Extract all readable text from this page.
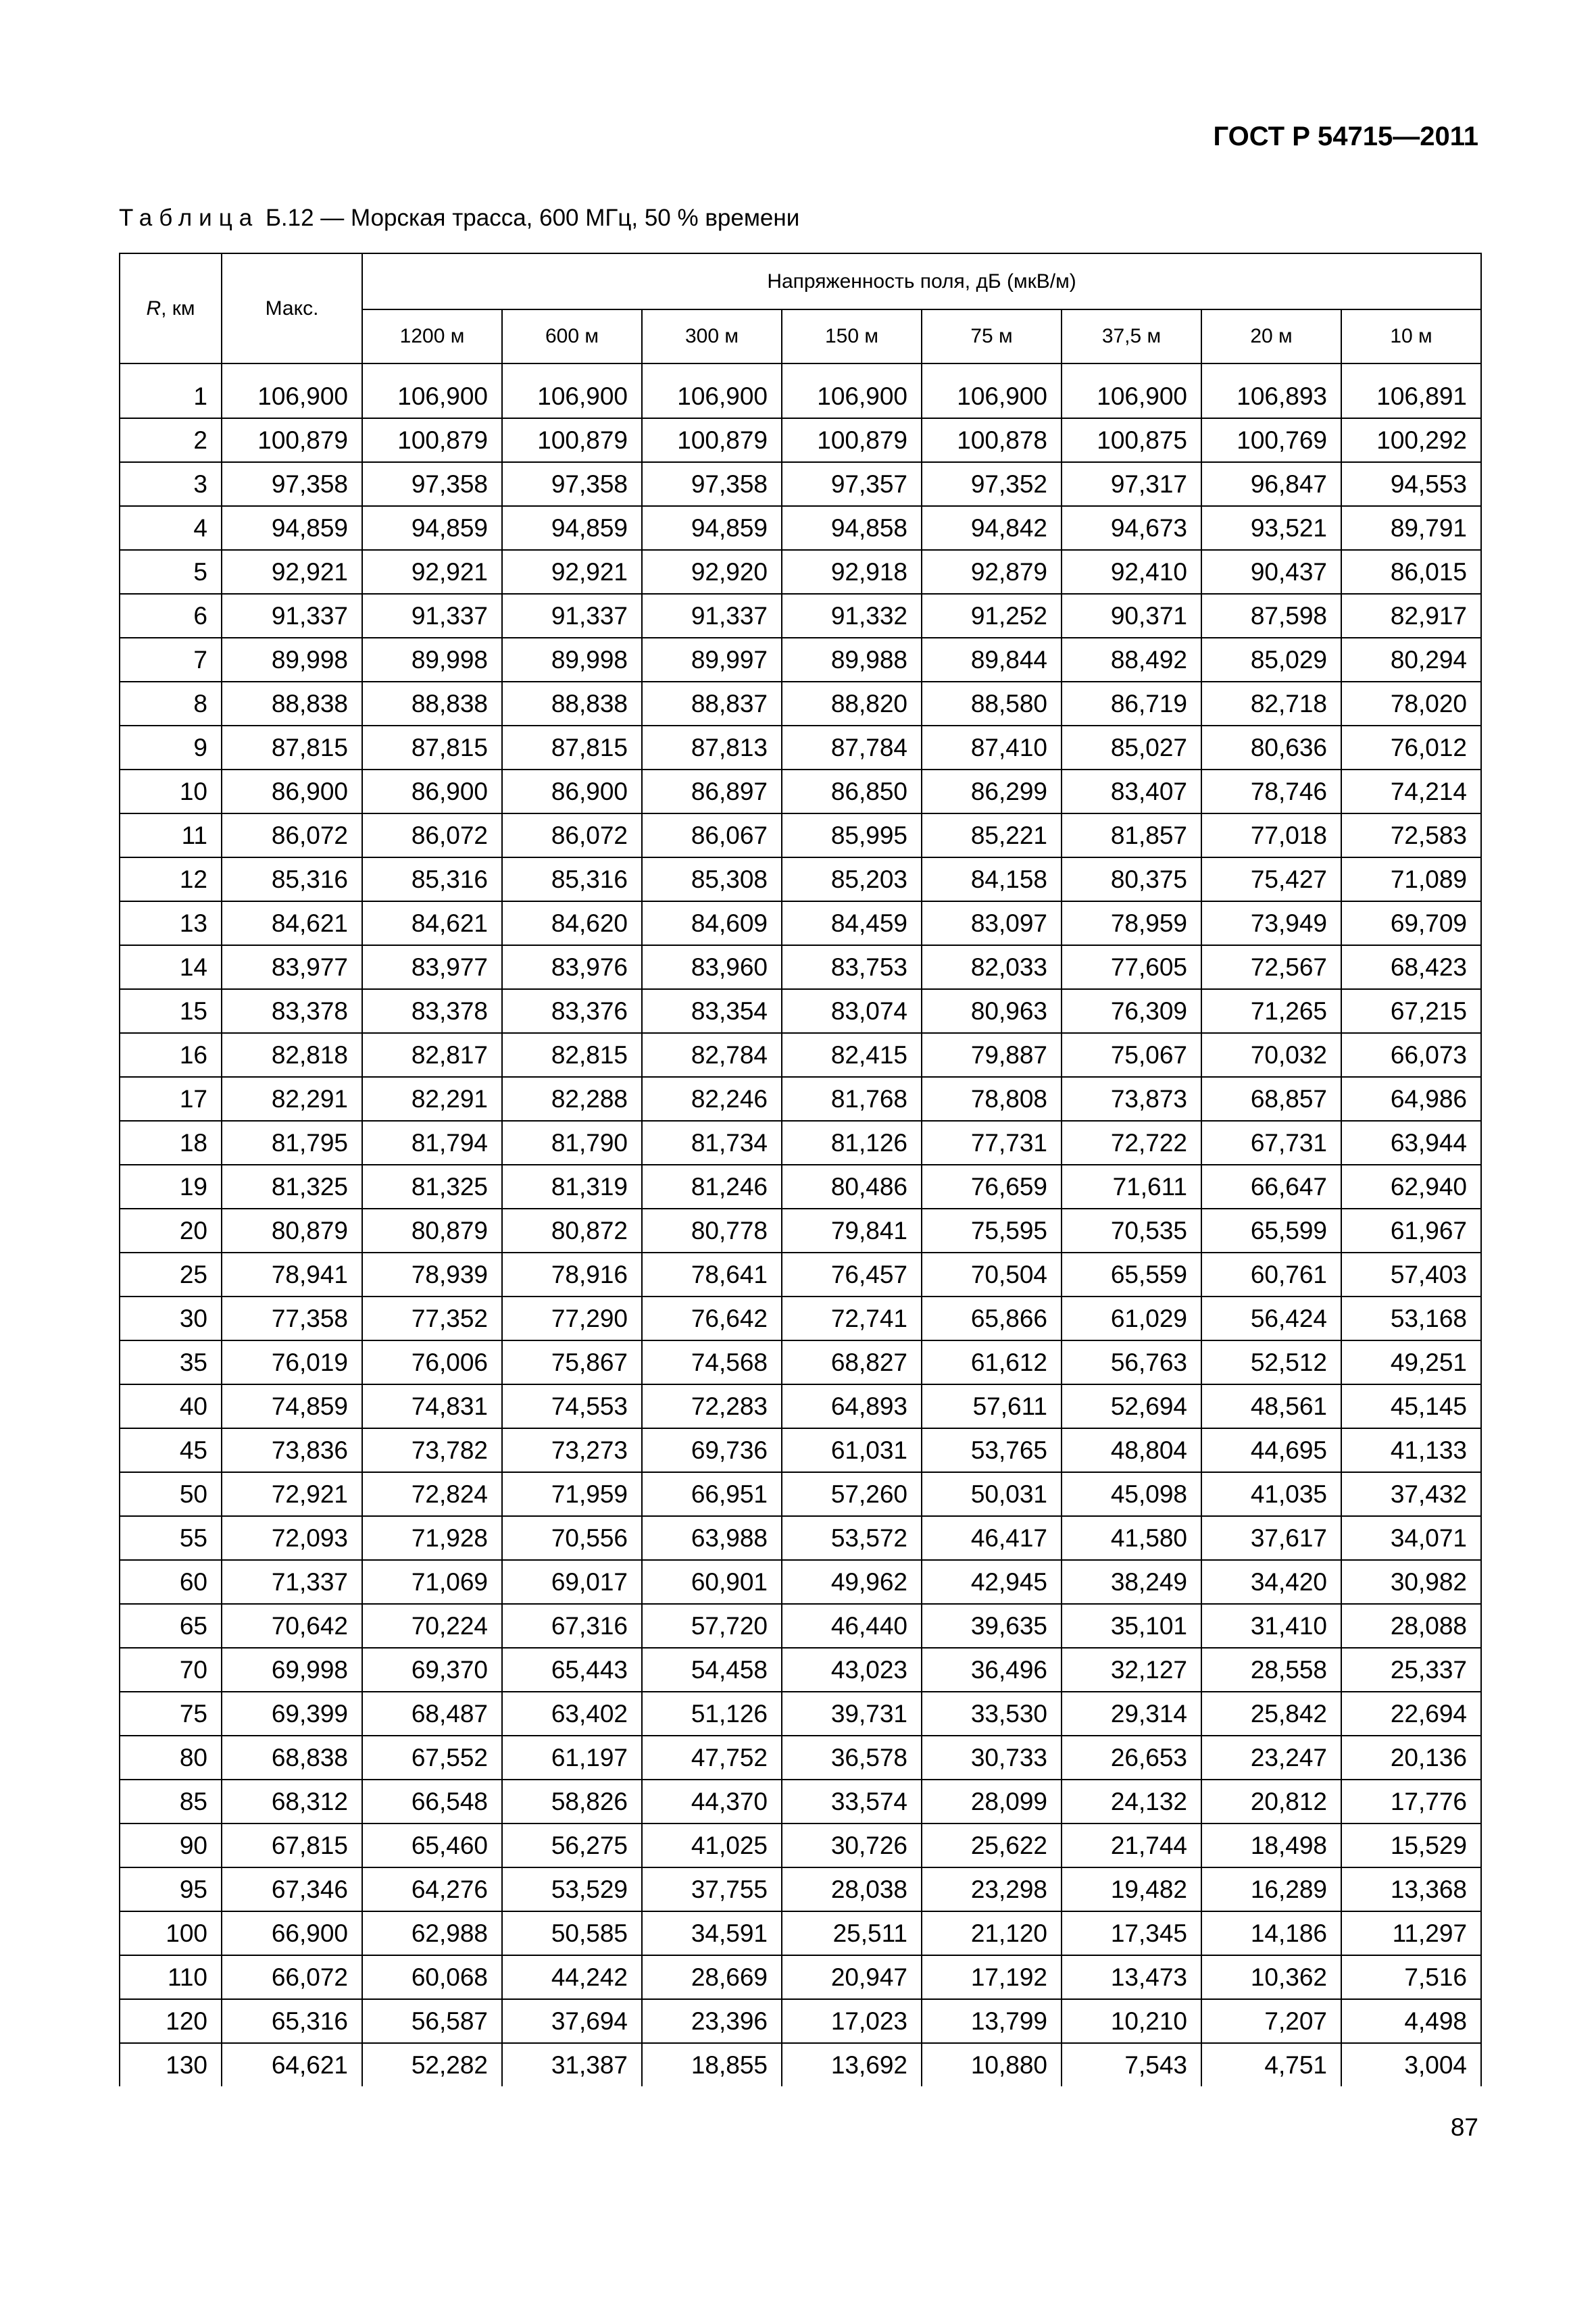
ГОСТ Р 54715—2011
Таблица Б.12 — Морская трасса, 600 МГц, 50 % времени
R, км	Макс.	Напряженность поля, дБ (мкВ/м)							
		1200 м	600 м	300 м	150 м	75 м	37,5 м	20 м	10 м

1	106,900	106,900	106,900	106,900	106,900	106,900	106,900	106,893	106,891
2	100,879	100,879	100,879	100,879	100,879	100,878	100,875	100,769	100,292
3	97,358	97,358	97,358	97,358	97,357	97,352	97,317	96,847	94,553
4	94,859	94,859	94,859	94,859	94,858	94,842	94,673	93,521	89,791
5	92,921	92,921	92,921	92,920	92,918	92,879	92,410	90,437	86,015
6	91,337	91,337	91,337	91,337	91,332	91,252	90,371	87,598	82,917
7	89,998	89,998	89,998	89,997	89,988	89,844	88,492	85,029	80,294
8	88,838	88,838	88,838	88,837	88,820	88,580	86,719	82,718	78,020
9	87,815	87,815	87,815	87,813	87,784	87,410	85,027	80,636	76,012
10	86,900	86,900	86,900	86,897	86,850	86,299	83,407	78,746	74,214
11	86,072	86,072	86,072	86,067	85,995	85,221	81,857	77,018	72,583
12	85,316	85,316	85,316	85,308	85,203	84,158	80,375	75,427	71,089
13	84,621	84,621	84,620	84,609	84,459	83,097	78,959	73,949	69,709
14	83,977	83,977	83,976	83,960	83,753	82,033	77,605	72,567	68,423
15	83,378	83,378	83,376	83,354	83,074	80,963	76,309	71,265	67,215
16	82,818	82,817	82,815	82,784	82,415	79,887	75,067	70,032	66,073
17	82,291	82,291	82,288	82,246	81,768	78,808	73,873	68,857	64,986
18	81,795	81,794	81,790	81,734	81,126	77,731	72,722	67,731	63,944
19	81,325	81,325	81,319	81,246	80,486	76,659	71,611	66,647	62,940
20	80,879	80,879	80,872	80,778	79,841	75,595	70,535	65,599	61,967
25	78,941	78,939	78,916	78,641	76,457	70,504	65,559	60,761	57,403
30	77,358	77,352	77,290	76,642	72,741	65,866	61,029	56,424	53,168
35	76,019	76,006	75,867	74,568	68,827	61,612	56,763	52,512	49,251
40	74,859	74,831	74,553	72,283	64,893	57,611	52,694	48,561	45,145
45	73,836	73,782	73,273	69,736	61,031	53,765	48,804	44,695	41,133
50	72,921	72,824	71,959	66,951	57,260	50,031	45,098	41,035	37,432
55	72,093	71,928	70,556	63,988	53,572	46,417	41,580	37,617	34,071
60	71,337	71,069	69,017	60,901	49,962	42,945	38,249	34,420	30,982
65	70,642	70,224	67,316	57,720	46,440	39,635	35,101	31,410	28,088
70	69,998	69,370	65,443	54,458	43,023	36,496	32,127	28,558	25,337
75	69,399	68,487	63,402	51,126	39,731	33,530	29,314	25,842	22,694
80	68,838	67,552	61,197	47,752	36,578	30,733	26,653	23,247	20,136
85	68,312	66,548	58,826	44,370	33,574	28,099	24,132	20,812	17,776
90	67,815	65,460	56,275	41,025	30,726	25,622	21,744	18,498	15,529
95	67,346	64,276	53,529	37,755	28,038	23,298	19,482	16,289	13,368
100	66,900	62,988	50,585	34,591	25,511	21,120	17,345	14,186	11,297
110	66,072	60,068	44,242	28,669	20,947	17,192	13,473	10,362	7,516
120	65,316	56,587	37,694	23,396	17,023	13,799	10,210	7,207	4,498
130	64,621	52,282	31,387	18,855	13,692	10,880	7,543	4,751	3,004
87
